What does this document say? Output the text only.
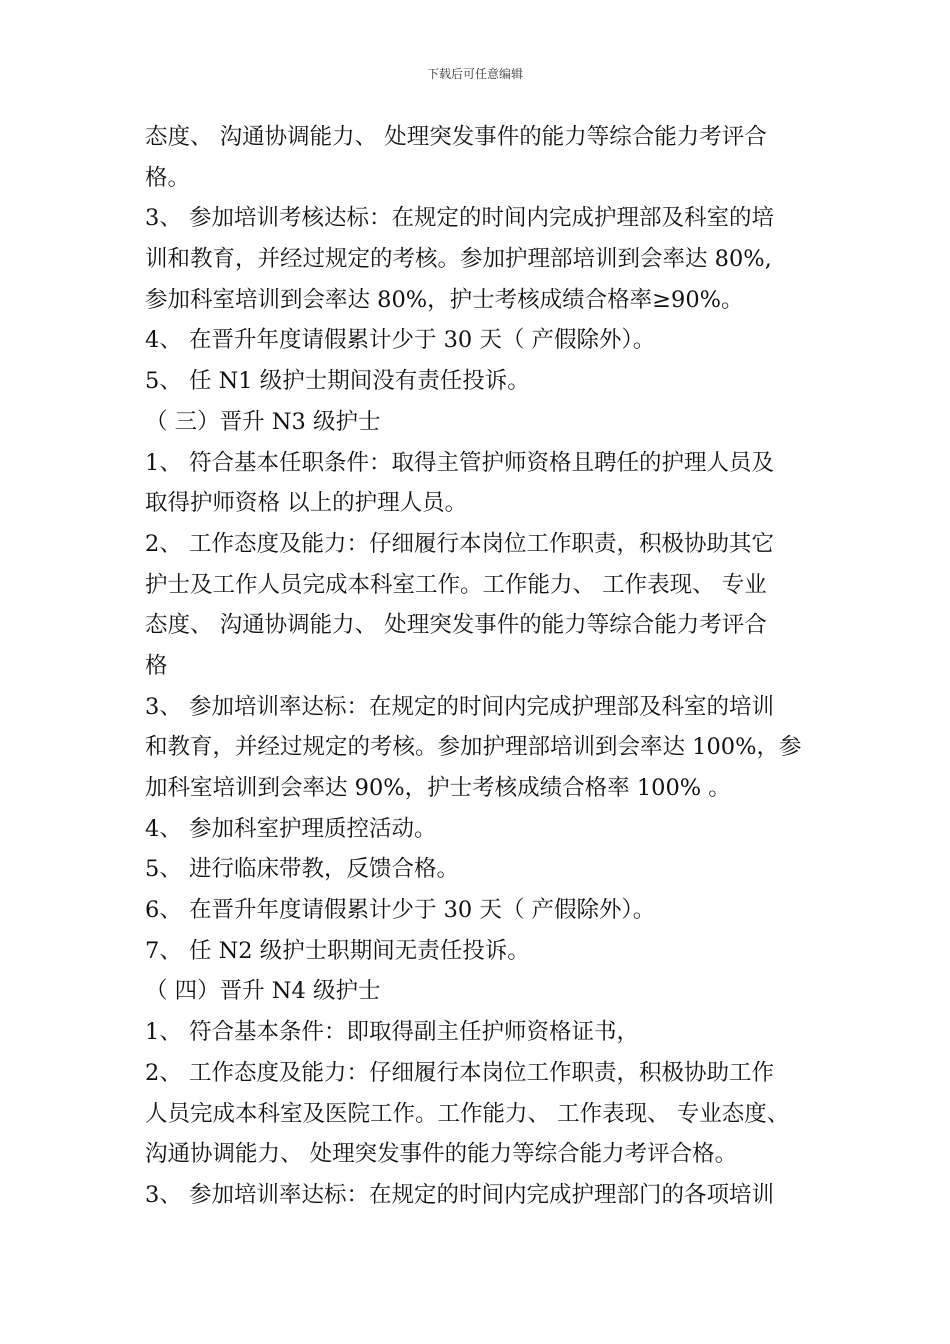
下载后可任意编辑
态度、 沟通协调能力、 处理突发事件的能力等综合能力考评合
格。
3、 参加培训考核达标：在规定的时间内完成护理部及科室的培
训和教育，并经过规定的考核。参加护理部培训到会率达 80%,
参加科室培训到会率达 80%，护士考核成绩合格率≥90%。
4、 在晋升年度请假累计少于 30 天（ 产假除外）。
5、 任 N1 级护士期间没有责任投诉。
（ 三）晋升 N3 级护士
1、 符合基本任职条件：取得主管护师资格且聘任的护理人员及
取得护师资格 以上的护理人员。
2、 工作态度及能力：仔细履行本岗位工作职责，积极协助其它
护士及工作人员完成本科室工作。工作能力、 工作表现、 专业
态度、 沟通协调能力、 处理突发事件的能力等综合能力考评合
格
3、 参加培训率达标：在规定的时间内完成护理部及科室的培训
和教育，并经过规定的考核。参加护理部培训到会率达 100%，参
加科室培训到会率达 90%，护士考核成绩合格率 100% 。
4、 参加科室护理质控活动。
5、 进行临床带教，反馈合格。
6、 在晋升年度请假累计少于 30 天（ 产假除外）。
7、 任 N2 级护士职期间无责任投诉。
（ 四）晋升 N4 级护士
1、 符合基本条件：即取得副主任护师资格证书，
2、 工作态度及能力：仔细履行本岗位工作职责，积极协助工作
人员完成本科室及医院工作。工作能力、 工作表现、 专业态度、
沟通协调能力、 处理突发事件的能力等综合能力考评合格。
3、 参加培训率达标：在规定的时间内完成护理部门的各项培训
